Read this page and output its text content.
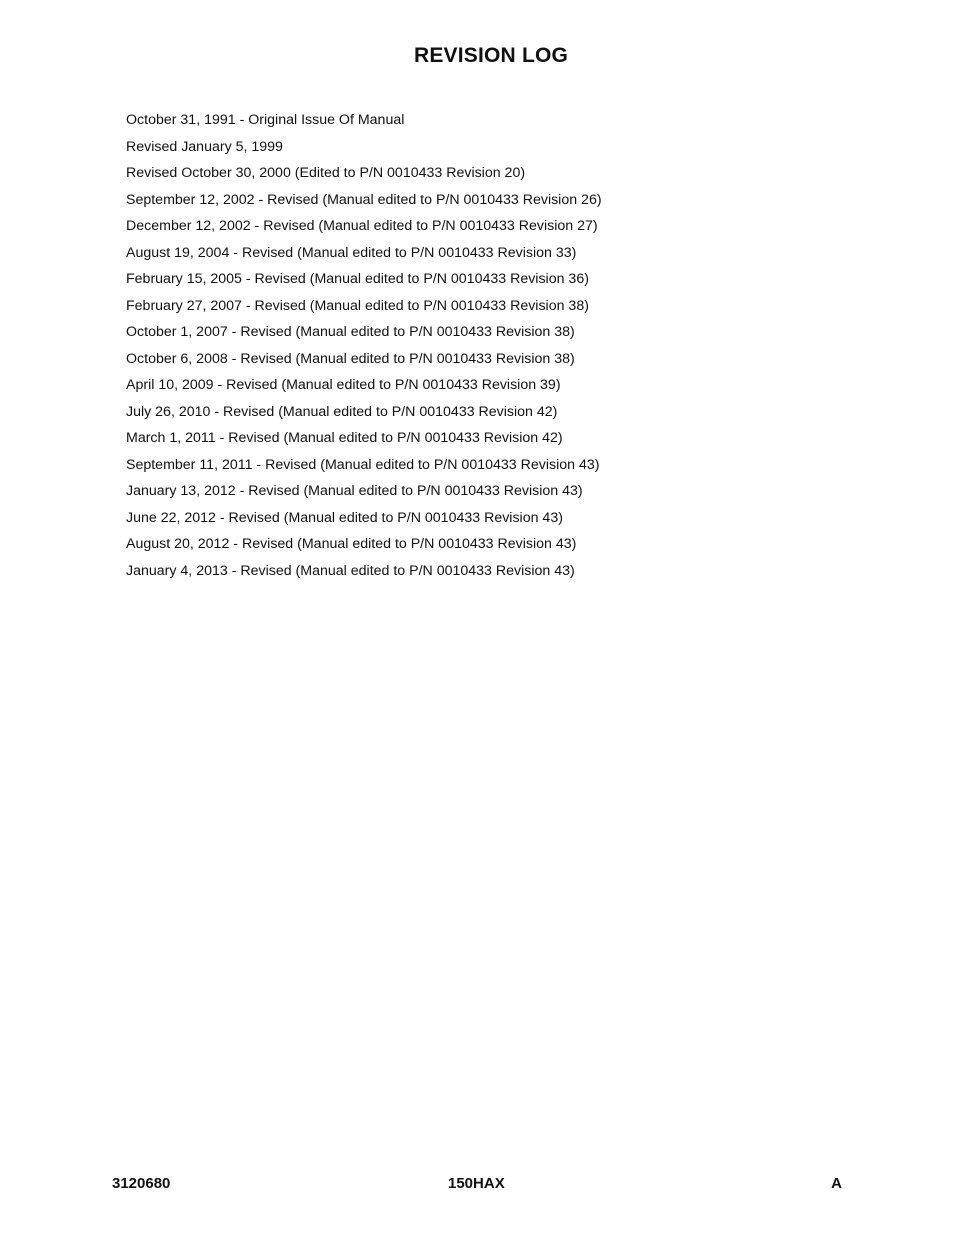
REVISION LOG
October 31, 1991 - Original Issue Of Manual
Revised January 5, 1999
Revised October 30, 2000 (Edited to P/N 0010433 Revision 20)
September 12, 2002 - Revised (Manual edited to P/N 0010433 Revision 26)
December 12, 2002 - Revised (Manual edited to P/N 0010433 Revision 27)
August 19, 2004 - Revised (Manual edited to P/N 0010433 Revision 33)
February 15, 2005 - Revised (Manual edited to P/N 0010433 Revision 36)
February 27, 2007 - Revised (Manual edited to P/N 0010433 Revision 38)
October 1, 2007 - Revised (Manual edited to P/N 0010433 Revision 38)
October 6, 2008 - Revised (Manual edited to P/N 0010433 Revision 38)
April 10, 2009 - Revised (Manual edited to P/N 0010433 Revision 39)
July 26, 2010 - Revised (Manual edited to P/N 0010433 Revision 42)
March 1, 2011 - Revised (Manual edited to P/N 0010433 Revision 42)
September 11, 2011 - Revised (Manual edited to P/N 0010433 Revision 43)
January 13, 2012 - Revised (Manual edited to P/N 0010433 Revision 43)
June 22, 2012 - Revised (Manual edited to P/N 0010433 Revision 43)
August 20, 2012 - Revised (Manual edited to P/N 0010433 Revision 43)
January 4, 2013 - Revised (Manual edited to P/N 0010433 Revision 43)
3120680	150HAX	A
